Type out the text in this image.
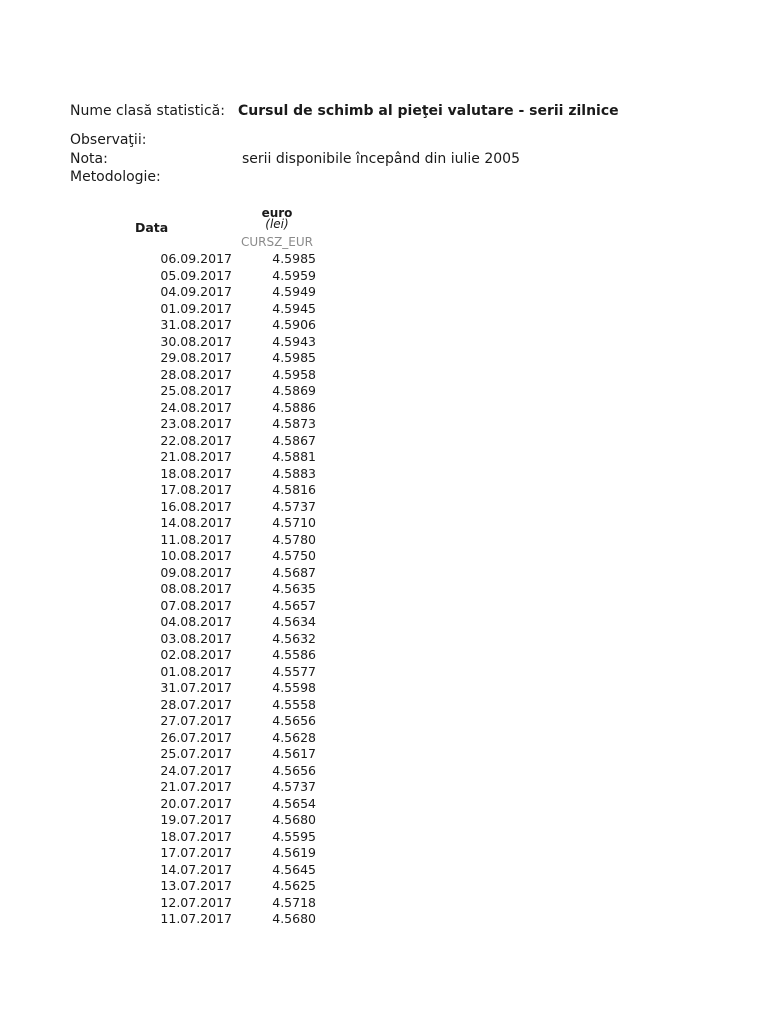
Nume clasă statistică: Cursul de schimb al pieţei valutare - serii zilnice
Observaţii:
Nota:	serii disponibile începând din iulie 2005
Metodologie:
Data
euro
(lei)
CURSZ_EUR
06.09.2017	4.5985
05.09.2017	4.5959
04.09.2017	4.5949
01.09.2017	4.5945
31.08.2017	4.5906
30.08.2017	4.5943
29.08.2017	4.5985
28.08.2017	4.5958
25.08.2017	4.5869
24.08.2017	4.5886
23.08.2017	4.5873
22.08.2017	4.5867
21.08.2017	4.5881
18.08.2017	4.5883
17.08.2017	4.5816
16.08.2017	4.5737
14.08.2017	4.5710
11.08.2017	4.5780
10.08.2017	4.5750
09.08.2017	4.5687
08.08.2017	4.5635
07.08.2017	4.5657
04.08.2017	4.5634
03.08.2017	4.5632
02.08.2017	4.5586
01.08.2017	4.5577
31.07.2017	4.5598
28.07.2017	4.5558
27.07.2017	4.5656
26.07.2017	4.5628
25.07.2017	4.5617
24.07.2017	4.5656
21.07.2017	4.5737
20.07.2017	4.5654
19.07.2017	4.5680
18.07.2017	4.5595
17.07.2017	4.5619
14.07.2017	4.5645
13.07.2017	4.5625
12.07.2017	4.5718
11.07.2017	4.5680
